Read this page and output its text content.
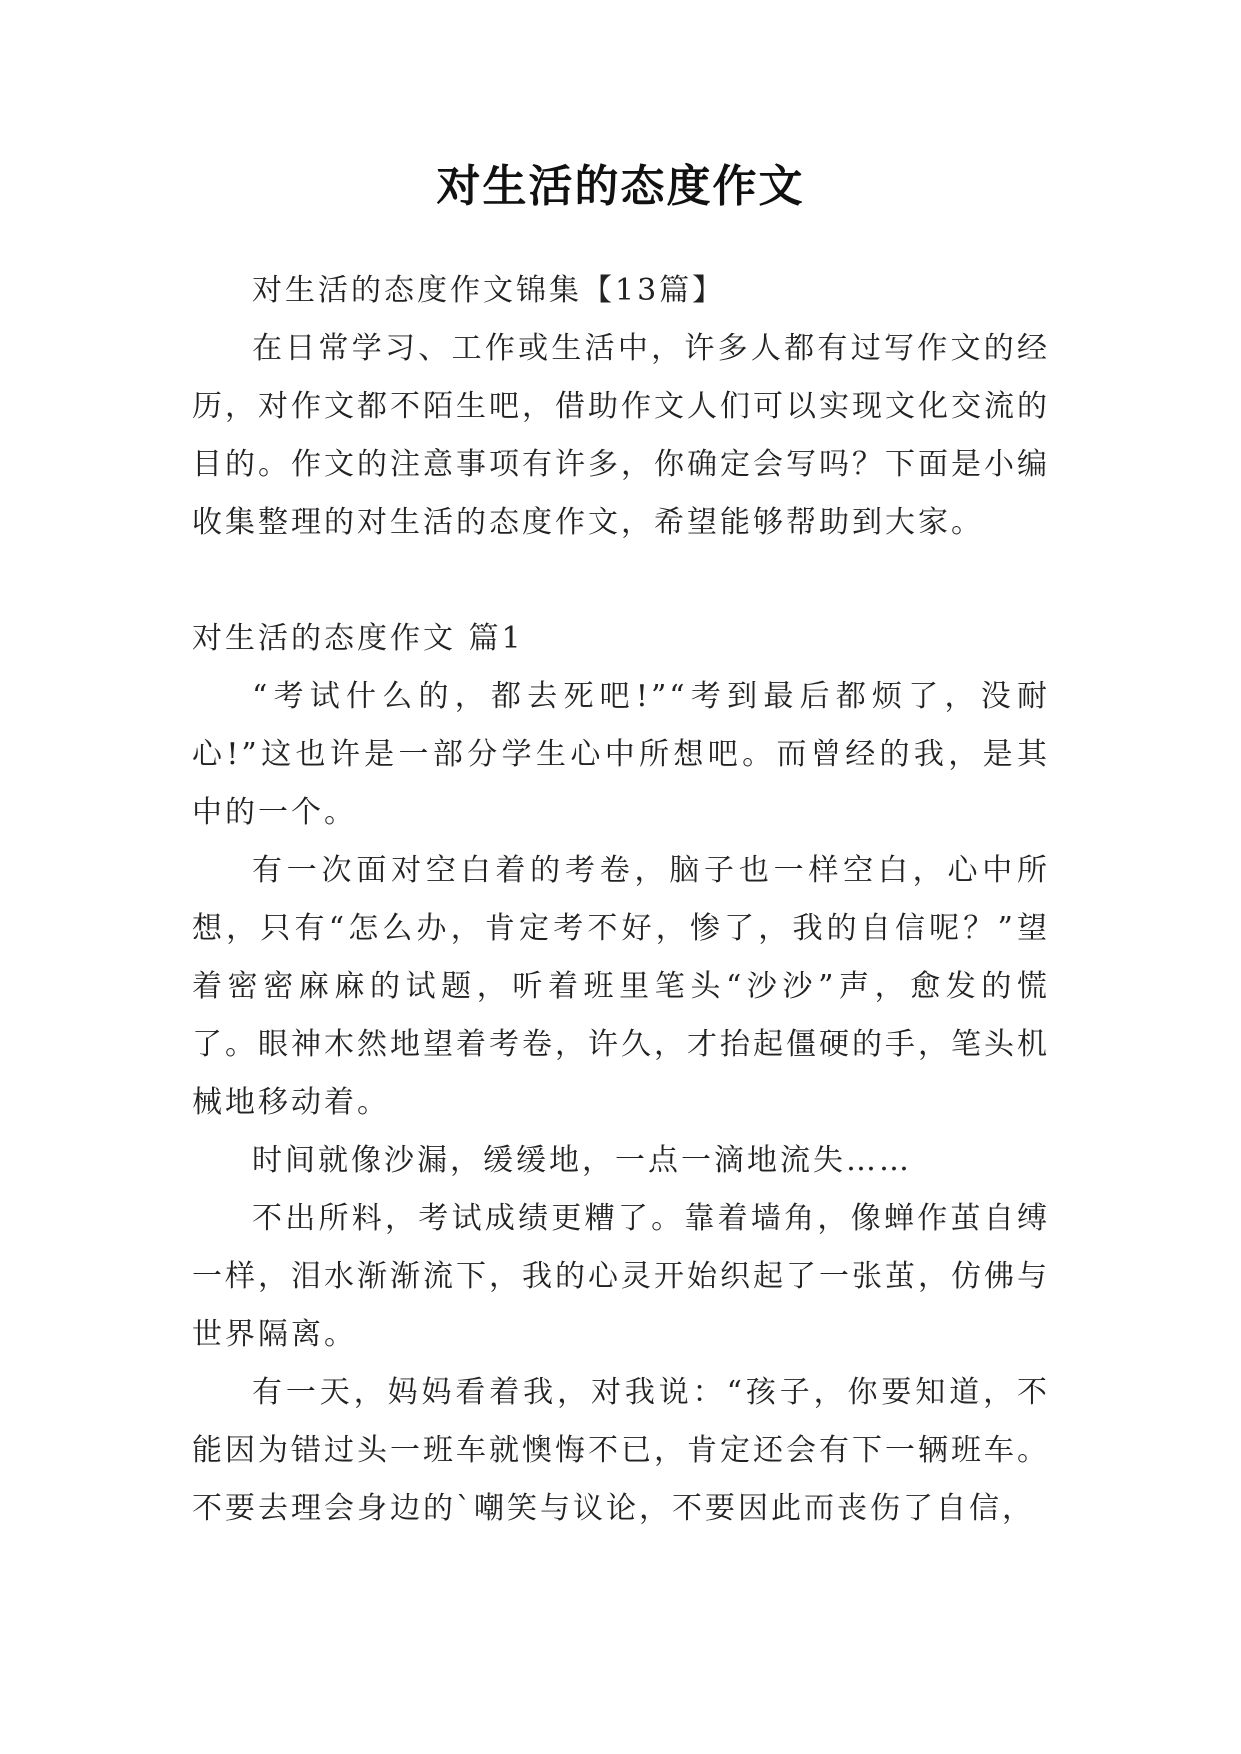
对生活的态度作文

对生活的态度作文锦集【13篇】

在日常学习、工作或生活中，许多人都有过写作文的经历，对作文都不陌生吧，借助作文人们可以实现文化交流的目的。作文的注意事项有许多，你确定会写吗？下面是小编收集整理的对生活的态度作文，希望能够帮助到大家。

对生活的态度作文 篇1

“考试什么的，都去死吧!”“考到最后都烦了，没耐心!”这也许是一部分学生心中所想吧。而曾经的我，是其中的一个。

有一次面对空白着的考卷，脑子也一样空白，心中所想，只有“怎么办，肯定考不好，惨了，我的自信呢？”望着密密麻麻的试题，听着班里笔头“沙沙”声，愈发的慌了。眼神木然地望着考卷，许久，才抬起僵硬的手，笔头机械地移动着。

时间就像沙漏，缓缓地，一点一滴地流失……

不出所料，考试成绩更糟了。靠着墙角，像蝉作茧自缚一样，泪水渐渐流下，我的心灵开始织起了一张茧，仿佛与世界隔离。

有一天，妈妈看着我，对我说：“孩子，你要知道，不能因为错过头一班车就懊悔不已，肯定还会有下一辆班车。不要去理会身边的`嘲笑与议论，不要因此而丧伤了自信，
